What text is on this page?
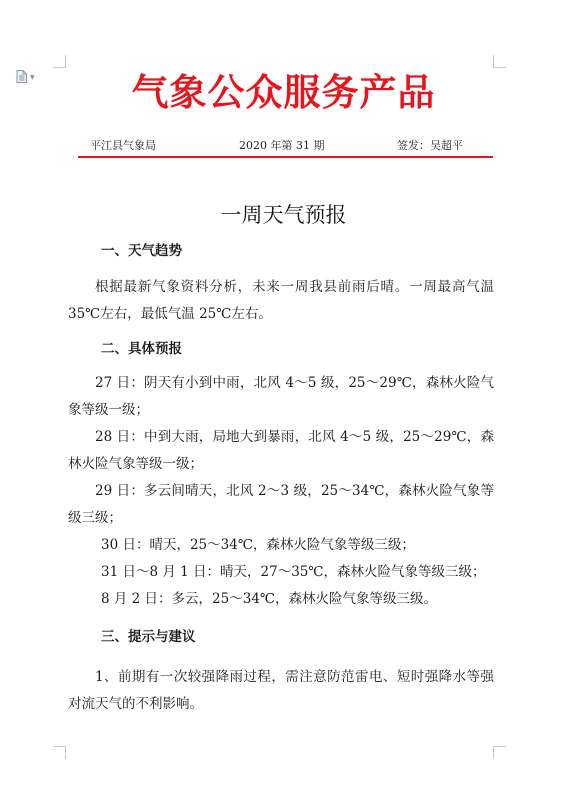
▼	气象公众服务产品
平江县气象局	2020 年第 31 期	签发：吴超平
一周天气预报
一、天气趋势

根据最新气象资料分析，未来一周我县前雨后晴。一周最高气温 35℃左右，最低气温 25℃左右。

二、具体预报

27 日：阴天有小到中雨，北风 4～5 级，25～29℃，森林火险气象等级一级；

28 日：中到大雨，局地大到暴雨，北风 4～5 级，25～29℃，森林火险气象等级一级；

29 日：多云间晴天，北风 2～3 级，25～34℃，森林火险气象等级三级；

30 日：晴天，25～34℃，森林火险气象等级三级；
31 日～8 月 1 日：晴天，27～35℃，森林火险气象等级三级；
8 月 2 日：多云，25～34℃，森林火险气象等级三级。
三、提示与建议

1、前期有一次较强降雨过程，需注意防范雷电、短时强降水等强对流天气的不利影响。
